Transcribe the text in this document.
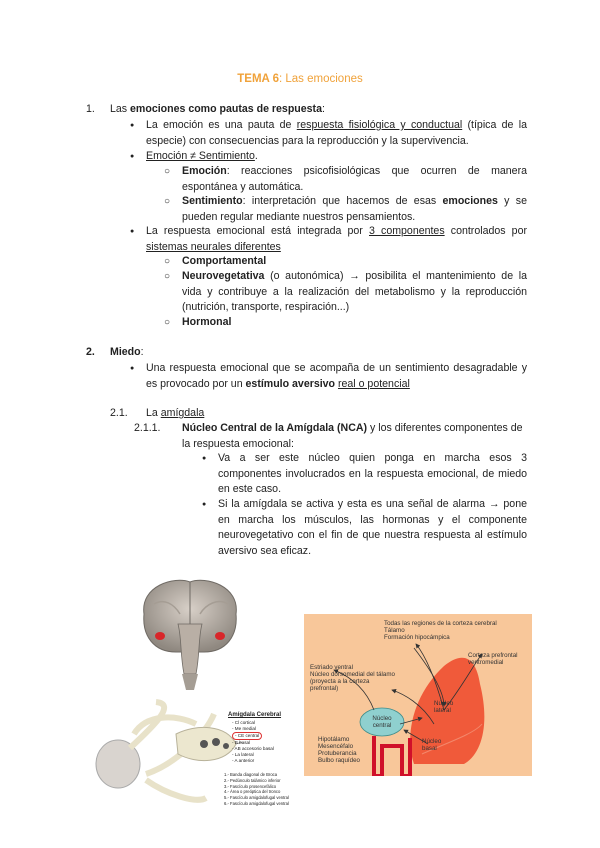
TEMA 6: Las emociones
1. Las emociones como pautas de respuesta:
● La emoción es una pauta de respuesta fisiológica y conductual (típica de la especie) con consecuencias para la reproducción y la supervivencia.
● Emoción ≠ Sentimiento.
○ Emoción: reacciones psicofisiológicas que ocurren de manera espontánea y automática.
○ Sentimiento: interpretación que hacemos de esas emociones y se pueden regular mediante nuestros pensamientos.
● La respuesta emocional está integrada por 3 componentes controlados por sistemas neurales diferentes
○ Comportamental
○ Neurovegetativa (o autonómica) → posibilita el mantenimiento de la vida y contribuye a la realización del metabolismo y la reproducción (nutrición, transporte, respiración...)
○ Hormonal
2. Miedo:
● Una respuesta emocional que se acompaña de un sentimiento desagradable y es provocado por un estímulo aversivo real o potencial
2.1. La amígdala
2.1.1. Núcleo Central de la Amígdala (NCA) y los diferentes componentes de la respuesta emocional:
● Va a ser este núcleo quien ponga en marcha esos 3 componentes involucrados en la respuesta emocional, de miedo en este caso.
● Si la amígdala se activa y esta es una señal de alarma → pone en marcha los músculos, las hormonas y el componente neurovegetativo con el fin de que nuestra respuesta al estímulo aversivo sea eficaz.
Amígdala Cerebral
- Cl cortical
- Me medial
- CE central
- B basal
- AB accesorio basal
- La lateral
- A anterior
1.- Banda diagonal de Broca
2.- Pedúnculo talámico inferior
3.- Fascículo prosencefálico
4.- Área o preóptica del tronco
5.- Fascículo amigdalofugal ventral
6.- Fascículo amigdalofugal ventral
Todas las regiones de la corteza cerebral
Tálamo
Formación hipocámpica
Corteza prefrontal ventromedial
Estriado ventral
Núcleo dorsomedial del tálamo (proyecta a la corteza prefrontal)
Núcleo lateral
Núcleo central
Núcleo basal
Hipotálamo
Mesencéfalo
Protuberancia
Bulbo raquídeo
